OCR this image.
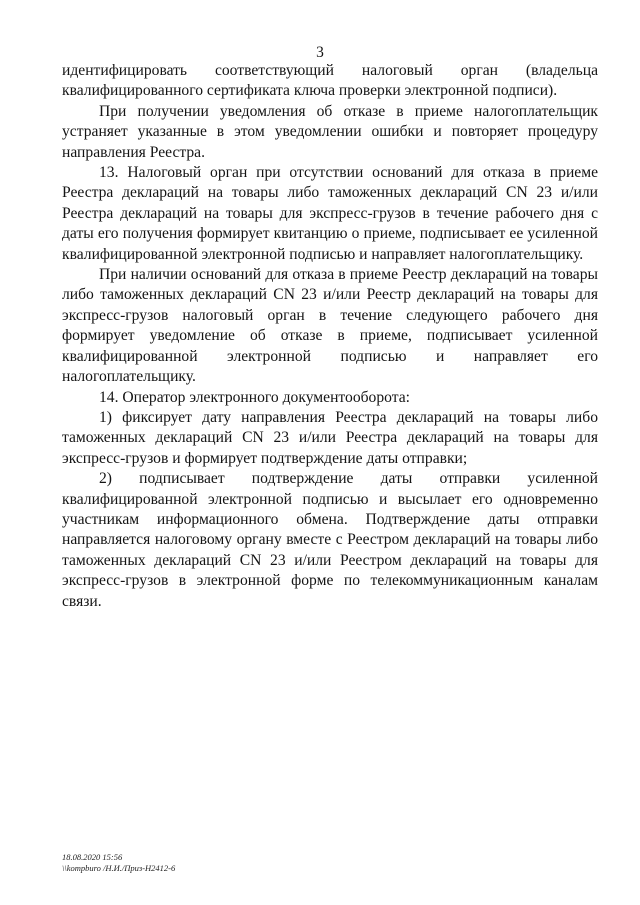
3

идентифицировать соответствующий налоговый орган (владельца квалифицированного сертификата ключа проверки электронной подписи).

При получении уведомления об отказе в приеме налогоплательщик устраняет указанные в этом уведомлении ошибки и повторяет процедуру направления Реестра.

13. Налоговый орган при отсутствии оснований для отказа в приеме Реестра деклараций на товары либо таможенных деклараций CN 23 и/или Реестра деклараций на товары для экспресс-грузов в течение рабочего дня с даты его получения формирует квитанцию о приеме, подписывает ее усиленной квалифицированной электронной подписью и направляет налогоплательщику.

При наличии оснований для отказа в приеме Реестр деклараций на товары либо таможенных деклараций CN 23 и/или Реестр деклараций на товары для экспресс-грузов налоговый орган в течение следующего рабочего дня формирует уведомление об отказе в приеме, подписывает усиленной квалифицированной электронной подписью и направляет его налогоплательщику.

14. Оператор электронного документооборота:

1) фиксирует дату направления Реестра деклараций на товары либо таможенных деклараций CN 23 и/или Реестра деклараций на товары для экспресс-грузов и формирует подтверждение даты отправки;

2) подписывает подтверждение даты отправки усиленной квалифицированной электронной подписью и высылает его одновременно участникам информационного обмена. Подтверждение даты отправки направляется налоговому органу вместе с Реестром деклараций на товары либо таможенных деклараций CN 23 и/или Реестром деклараций на товары для экспресс-грузов в электронной форме по телекоммуникационным каналам связи.

18.08.2020 15:56
\\kompburo /Н.И./Приз-Н2412-6
